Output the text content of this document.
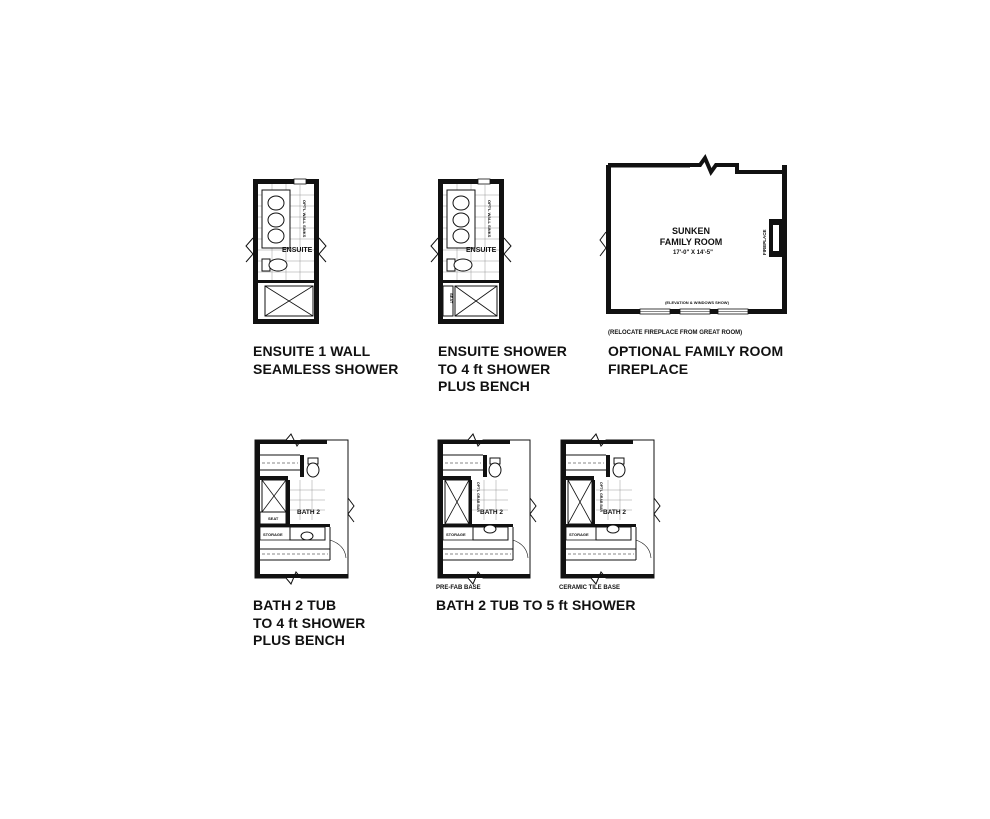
OPT'L WALL SINKS
ENSUITE
OPT'L WALL SINKS
ENSUITE
SEAT
FIREPLACE
SUNKEN
FAMILY ROOM
17'-0" X 14'-5"
(ELEVATION & WINDOWS SHOW)
SEAT
BATH 2
STORAGE
OPT'L GRAB BAR
BATH 2
STORAGE
OPT'L GRAB BAR
BATH 2
STORAGE
(RELOCATE FIREPLACE FROM GREAT ROOM)
PRE-FAB BASE	CERAMIC TILE BASE
ENSUITE 1 WALL
SEAMLESS SHOWER
ENSUITE SHOWER
TO 4 ft SHOWER
PLUS BENCH
OPTIONAL FAMILY ROOM
FIREPLACE
BATH 2 TUB
TO 4 ft SHOWER
PLUS BENCH
BATH 2 TUB TO 5 ft SHOWER
